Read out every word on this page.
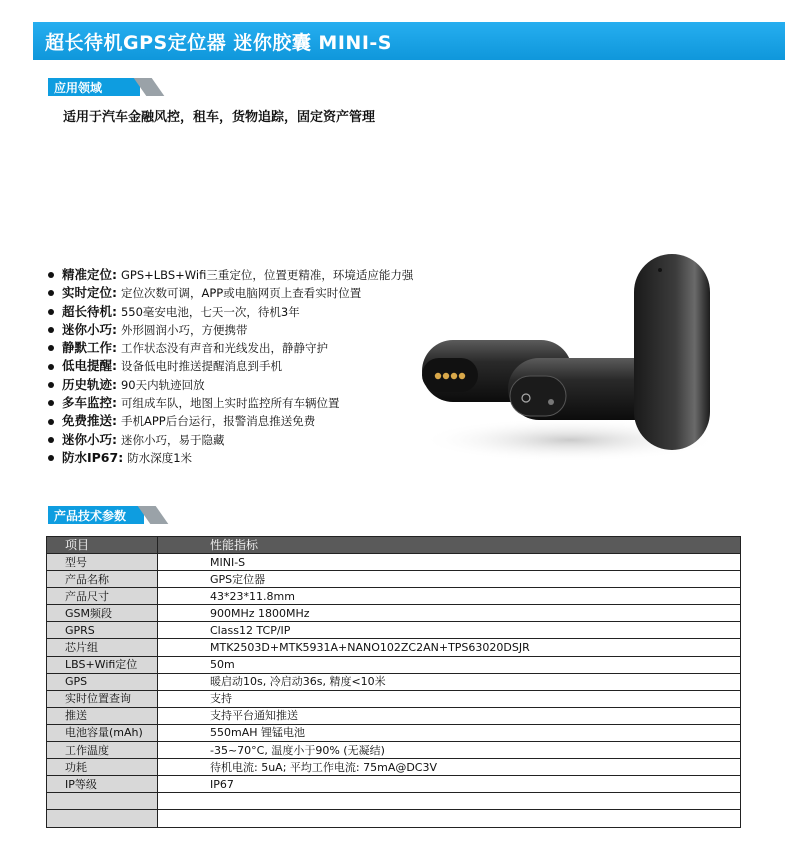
超长待机GPS定位器 迷你胶囊 MINI-S
应用领域
适用于汽车金融风控，租车，货物追踪，固定资产管理
精准定位:
GPS+LBS+Wifi三重定位，位置更精准，环境适应能力强
实时定位:
定位次数可调，APP或电脑网页上查看实时位置
超长待机:
550毫安电池，七天一次，待机3年
迷你小巧:
外形圆润小巧，方便携带
静默工作:
工作状态没有声音和光线发出，静静守护
低电提醒:
设备低电时推送提醒消息到手机
历史轨迹:
90天内轨迹回放
多车监控:
可组成车队，地图上实时监控所有车辆位置
免费推送:
手机APP后台运行，报警消息推送免费
迷你小巧:
迷你小巧，易于隐藏
防水IP67:
防水深度1米
产品技术参数
项目	性能指标
型号	MINI-S
产品名称	GPS定位器
产品尺寸	43*23*11.8mm
GSM频段	900MHz 1800MHz
GPRS	Class12 TCP/IP
芯片组	MTK2503D+MTK5931A+NANO102ZC2AN+TPS63020DSJR
LBS+Wifi定位	50m
GPS	暖启动10s, 冷启动36s, 精度<10米
实时位置查询	支持
推送	支持平台通知推送
电池容量(mAh)	550mAH 锂锰电池
工作温度	-35~70°C, 温度小于90% (无凝结)
功耗	待机电流: 5uA; 平均工作电流: 75mA@DC3V
IP等级	IP67
